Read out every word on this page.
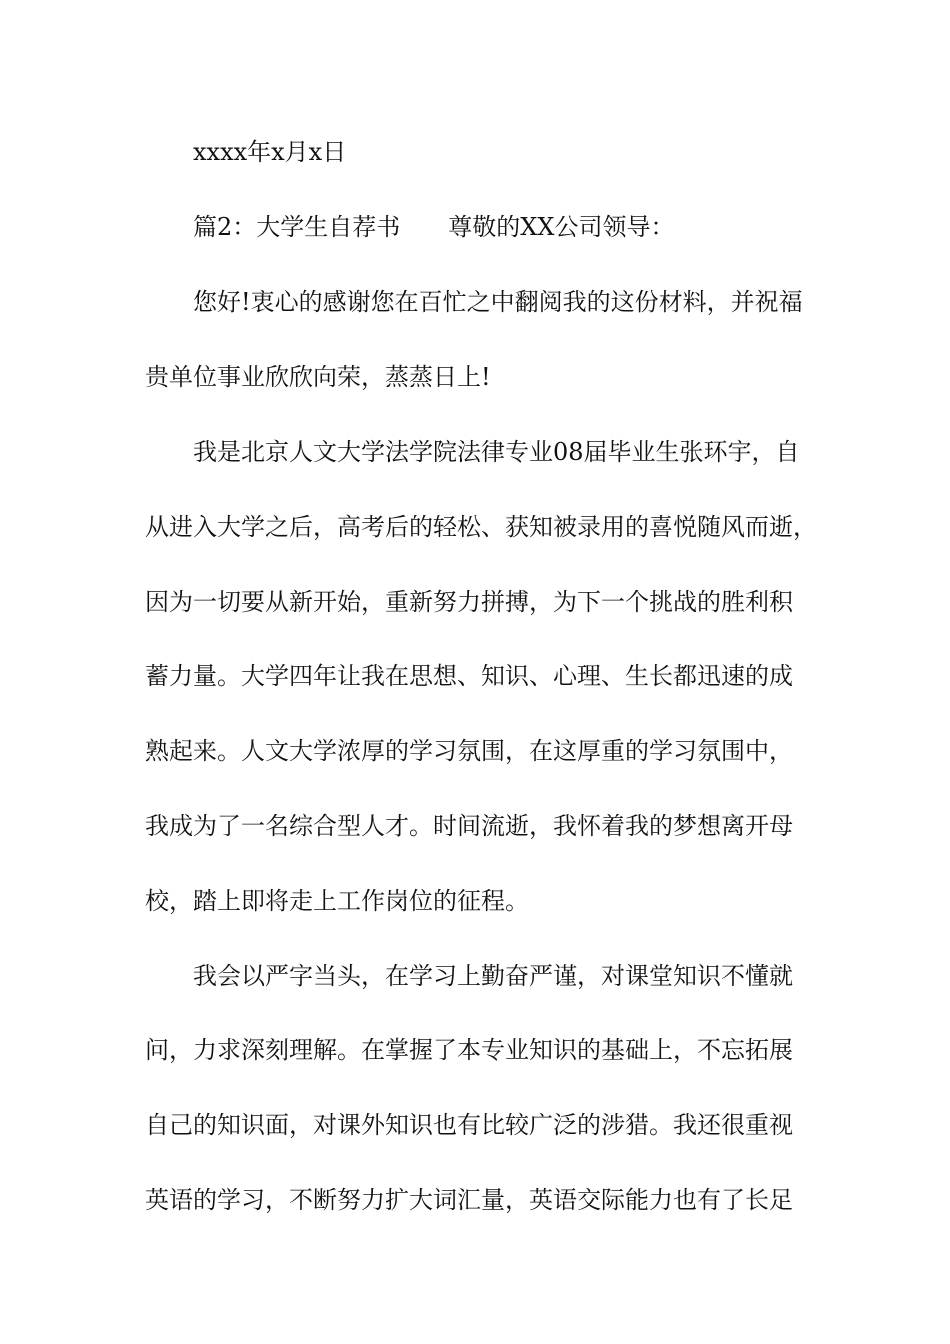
xxxx年x月x日
篇2：大学生自荐书 尊敬的XX公司领导：
您好!衷心的感谢您在百忙之中翻阅我的这份材料，并祝福
贵单位事业欣欣向荣，蒸蒸日上!
我是北京人文大学法学院法律专业08届毕业生张环宇，自
从进入大学之后，高考后的轻松、获知被录用的喜悦随风而逝，
因为一切要从新开始，重新努力拼搏，为下一个挑战的胜利积
蓄力量。大学四年让我在思想、知识、心理、生长都迅速的成
熟起来。人文大学浓厚的学习氛围，在这厚重的学习氛围中，
我成为了一名综合型人才。时间流逝，我怀着我的梦想离开母
校，踏上即将走上工作岗位的征程。
我会以严字当头，在学习上勤奋严谨，对课堂知识不懂就
问，力求深刻理解。在掌握了本专业知识的基础上，不忘拓展
自己的知识面，对课外知识也有比较广泛的涉猎。我还很重视
英语的学习，不断努力扩大词汇量，英语交际能力也有了长足
